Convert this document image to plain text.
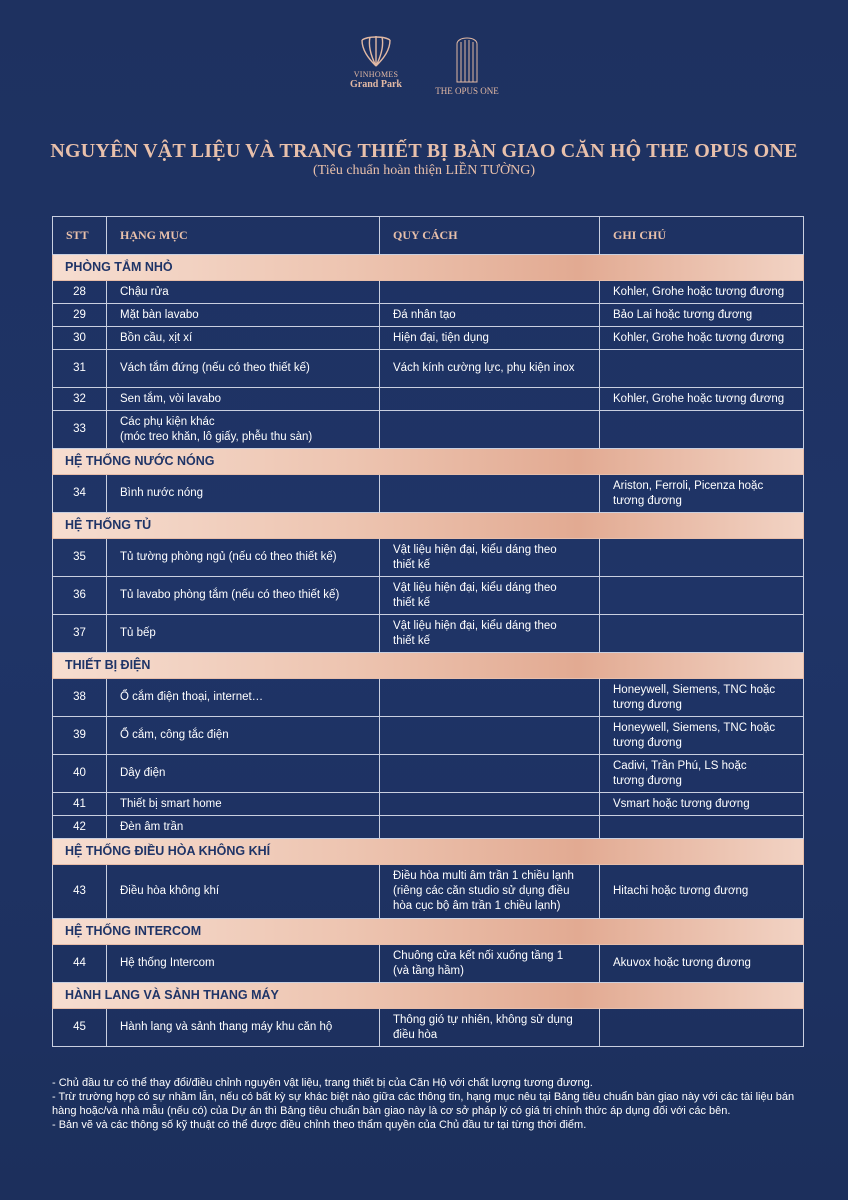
VINHOMES
Grand Park
THE OPUS ONE
NGUYÊN VẬT LIỆU VÀ TRANG THIẾT BỊ BÀN GIAO CĂN HỘ THE OPUS ONE
(Tiêu chuẩn hoàn thiện LIỀN TƯỜNG)
STT	HẠNG MỤC	QUY CÁCH	GHI CHÚ
PHÒNG TẮM NHỎ			
28	Chậu rửa		Kohler, Grohe hoặc tương đương
29	Mặt bàn lavabo	Đá nhân tạo	Bảo Lai hoặc tương đương
30	Bồn cầu, xịt xí	Hiện đại, tiện dụng	Kohler, Grohe hoặc tương đương
31	Vách tắm đứng (nếu có theo thiết kế)	Vách kính cường lực, phụ kiện inox	
32	Sen tắm, vòi lavabo		Kohler, Grohe hoặc tương đương
33	Các phụ kiện khác
(móc treo khăn, lô giấy, phễu thu sàn)		
HỆ THỐNG NƯỚC NÓNG			
34	Bình nước nóng		Ariston, Ferroli, Picenza hoặc
tương đương
HỆ THỐNG TỦ			
35	Tủ tường phòng ngủ (nếu có theo thiết kế)	Vật liệu hiện đại, kiểu dáng theo
thiết kế	
36	Tủ lavabo phòng tắm (nếu có theo thiết kế)	Vật liệu hiện đại, kiểu dáng theo
thiết kế	
37	Tủ bếp	Vật liệu hiện đại, kiểu dáng theo
thiết kế	
THIẾT BỊ ĐIỆN			
38	Ổ cắm điện thoại, internet…		Honeywell, Siemens, TNC hoặc
tương đương
39	Ổ cắm, công tắc điện		Honeywell, Siemens, TNC hoặc
tương đương
40	Dây điện		Cadivi, Trần Phú, LS hoặc
tương đương
41	Thiết bị smart home		Vsmart hoặc tương đương
42	Đèn âm trần		
HỆ THỐNG ĐIỀU HÒA KHÔNG KHÍ			
43	Điều hòa không khí	Điều hòa multi âm trần 1 chiều lạnh
(riêng các căn studio sử dụng điều
hòa cục bộ âm trần 1 chiều lạnh)	Hitachi hoặc tương đương
HỆ THỐNG INTERCOM			
44	Hệ thống Intercom	Chuông cửa kết nối xuống tầng 1
(và tầng hầm)	Akuvox hoặc tương đương
HÀNH LANG VÀ SẢNH THANG MÁY			
45	Hành lang và sảnh thang máy khu căn hộ	Thông gió tự nhiên, không sử dụng
điều hòa	

- Chủ đầu tư có thể thay đổi/điều chỉnh nguyên vật liệu, trang thiết bị của Căn Hộ với chất lượng tương đương.

- Trừ trường hợp có sự nhầm lẫn, nếu có bất kỳ sự khác biệt nào giữa các thông tin, hạng mục nêu tại Bảng tiêu chuẩn bàn giao này với các tài liệu bán hàng hoặc/và nhà mẫu (nếu có) của Dự án thì Bảng tiêu chuẩn bàn giao này là cơ sở pháp lý có giá trị chính thức áp dụng đối với các bên.

- Bản vẽ và các thông số kỹ thuật có thể được điều chỉnh theo thẩm quyền của Chủ đầu tư tại từng thời điểm.
